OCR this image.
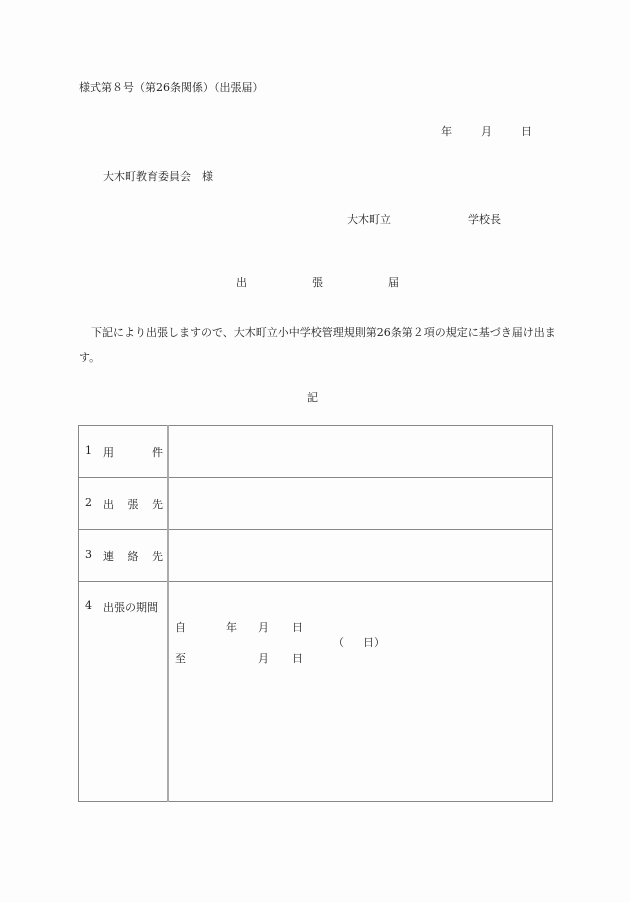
様式第８号（第26条関係）（出張届）
年	月	日
大木町教育委員会　様
大木町立	学校長
出	張	届
下記により出張しますので、大木町立小中学校管理規則第26条第２項の規定に基づき届け出ます。
記
1 用 件	

2 出 張 先	

3 連 絡 先	

4	出張の期間

自	年 月 日
（ 日）
至	月 日
